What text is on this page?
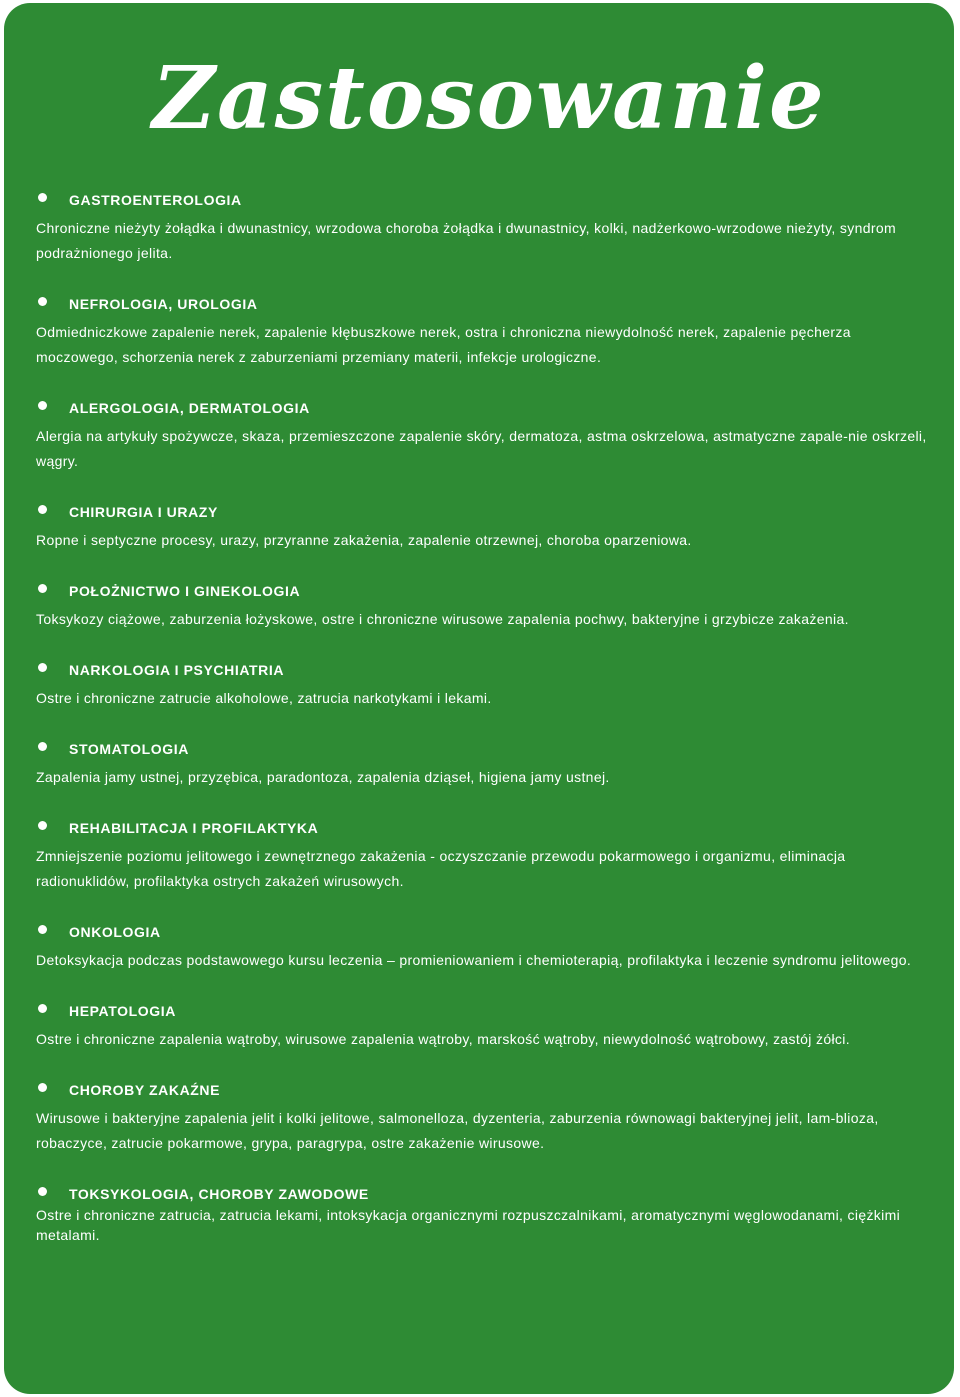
Zastosowanie
GASTROENTEROLOGIA

Chroniczne nieżyty żołądka i dwunastnicy, wrzodowa choroba żołądka i dwunastnicy, kolki, nadżerkowo-wrzodowe nieżyty, syndrom podrażnionego jelita.

NEFROLOGIA, UROLOGIA

Odmiedniczkowe zapalenie nerek, zapalenie kłębuszkowe nerek, ostra i chroniczna niewydolność nerek, zapalenie pęcherza moczowego, schorzenia nerek z zaburzeniami przemiany materii, infekcje urologiczne.

ALERGOLOGIA, DERMATOLOGIA

Alergia na artykuły spożywcze, skaza, przemieszczone zapalenie skóry, dermatoza, astma oskrzelowa, astmatyczne zapale-nie oskrzeli, wągry.

CHIRURGIA I URAZY

Ropne i septyczne procesy, urazy, przyranne zakażenia, zapalenie otrzewnej, choroba oparzeniowa.

POŁOŻNICTWO I GINEKOLOGIA

Toksykozy ciążowe, zaburzenia łożyskowe, ostre i chroniczne wirusowe zapalenia pochwy, bakteryjne i grzybicze zakażenia.

NARKOLOGIA I PSYCHIATRIA

Ostre i chroniczne zatrucie alkoholowe, zatrucia narkotykami i lekami.

STOMATOLOGIA

Zapalenia jamy ustnej, przyzębica, paradontoza, zapalenia dziąseł, higiena jamy ustnej.

REHABILITACJA I PROFILAKTYKA

Zmniejszenie poziomu jelitowego i zewnętrznego zakażenia - oczyszczanie przewodu pokarmowego i organizmu, eliminacja radionuklidów, profilaktyka ostrych zakażeń wirusowych.

ONKOLOGIA

Detoksykacja podczas podstawowego kursu leczenia – promieniowaniem i chemioterapią, profilaktyka i leczenie syndromu jelitowego.

HEPATOLOGIA

Ostre i chroniczne zapalenia wątroby, wirusowe zapalenia wątroby, marskość wątroby, niewydolność wątrobowy, zastój żółci.

CHOROBY ZAKAŹNE

Wirusowe i bakteryjne zapalenia jelit i kolki jelitowe, salmonelloza, dyzenteria, zaburzenia równowagi bakteryjnej jelit, lam-blioza, robaczyce, zatrucie pokarmowe, grypa, paragrypa, ostre zakażenie wirusowe.

TOKSYKOLOGIA, CHOROBY ZAWODOWE

Ostre i chroniczne zatrucia, zatrucia lekami, intoksykacja organicznymi rozpuszczalnikami, aromatycznymi węglowodanami, ciężkimi metalami.
